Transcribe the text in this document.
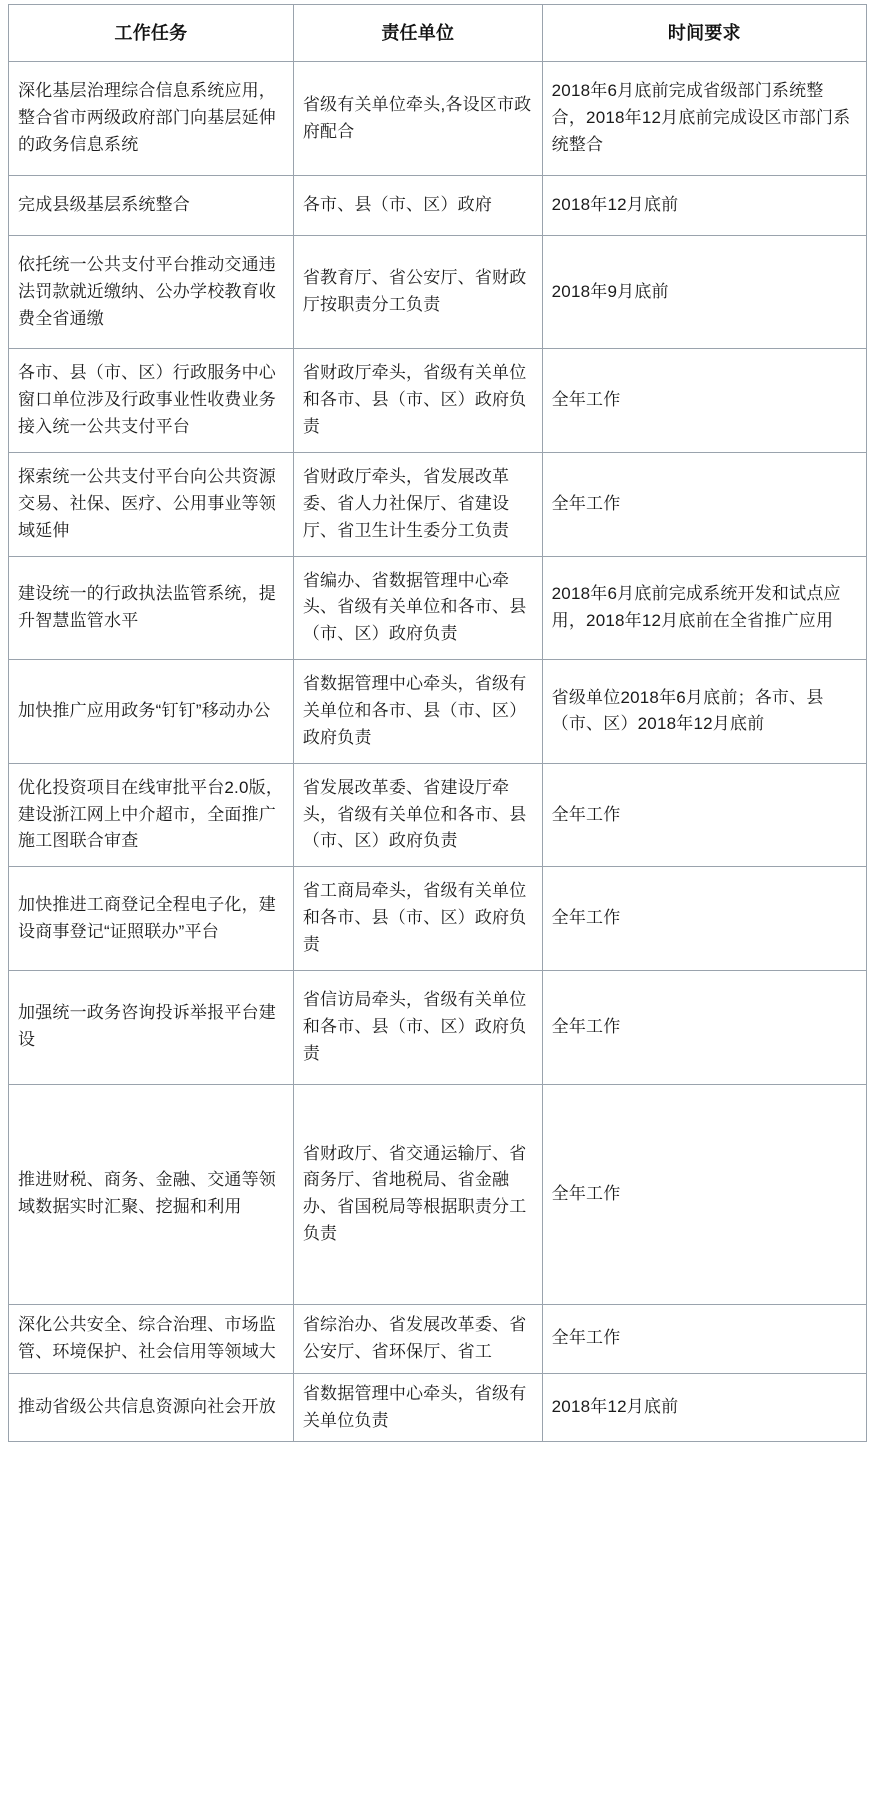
工作任务	责任单位	时间要求
深化基层治理综合信息系统应用，整合省市两级政府部门向基层延伸的政务信息系统	省级有关单位牵头,各设区市政府配合	2018年6月底前完成省级部门系统整合，2018年12月底前完成设区市部门系统整合
完成县级基层系统整合	各市、县（市、区）政府	2018年12月底前
依托统一公共支付平台推动交通违法罚款就近缴纳、公办学校教育收费全省通缴	省教育厅、省公安厅、省财政厅按职责分工负责	2018年9月底前
各市、县（市、区）行政服务中心窗口单位涉及行政事业性收费业务接入统一公共支付平台	省财政厅牵头，省级有关单位和各市、县（市、区）政府负责	全年工作
探索统一公共支付平台向公共资源交易、社保、医疗、公用事业等领域延伸	省财政厅牵头，省发展改革委、省人力社保厅、省建设厅、省卫生计生委分工负责	全年工作
建设统一的行政执法监管系统，提升智慧监管水平	省编办、省数据管理中心牵头、省级有关单位和各市、县（市、区）政府负责	2018年6月底前完成系统开发和试点应用，2018年12月底前在全省推广应用
加快推广应用政务“钉钉”移动办公	省数据管理中心牵头，省级有关单位和各市、县（市、区）政府负责	省级单位2018年6月底前；各市、县（市、区）2018年12月底前
优化投资项目在线审批平台2.0版，建设浙江网上中介超市，全面推广施工图联合审查	省发展改革委、省建设厅牵头，省级有关单位和各市、县（市、区）政府负责	全年工作
加快推进工商登记全程电子化，建设商事登记“证照联办”平台	省工商局牵头，省级有关单位和各市、县（市、区）政府负责	全年工作
加强统一政务咨询投诉举报平台建设	省信访局牵头，省级有关单位和各市、县（市、区）政府负责	全年工作
推进财税、商务、金融、交通等领域数据实时汇聚、挖掘和利用	省财政厅、省交通运输厅、省商务厅、省地税局、省金融办、省国税局等根据职责分工负责	全年工作
深化公共安全、综合治理、市场监管、环境保护、社会信用等领域大	省综治办、省发展改革委、省公安厅、省环保厅、省工	全年工作
推动省级公共信息资源向社会开放	省数据管理中心牵头，省级有关单位负责	2018年12月底前
